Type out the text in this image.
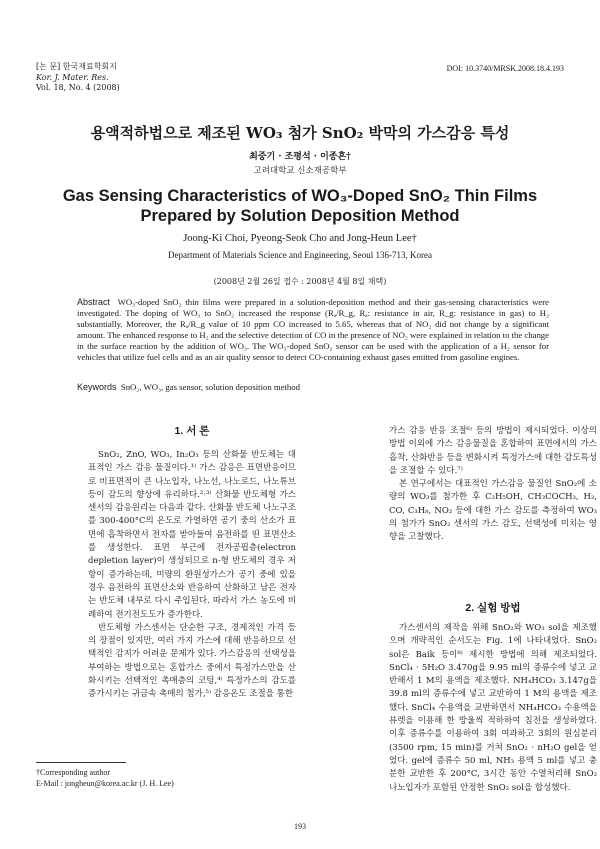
[논 문] 한국재료학회지
Kor. J. Mater. Res.
Vol. 18, No. 4 (2008)
DOI: 10.3740/MRSK.2008.18.4.193
용액적하법으로 제조된 WO₃ 첨가 SnO₂ 박막의 가스감응 특성
최중기 · 조평석 · 이종흔†
고려대학교 신소재공학부
Gas Sensing Characteristics of WO₃-Doped SnO₂ Thin Films Prepared by Solution Deposition Method
Joong-Ki Choi, Pyeong-Seok Cho and Jong-Heun Lee†
Department of Materials Science and Engineering, Seoul 136-713, Korea
(2008년 2월 26일 접수 : 2008년 4월 8일 채택)
Abstract WO₃-doped SnO₂ thin films were prepared in a solution-deposition method and their gas-sensing characteristics were investigated. The doping of WO₃ to SnO₂ increased the response (Rₐ/R_g, Rₐ: resistance in air, R_g: resistance in gas) to H₂ substantially. Moreover, the Rₐ/R_g value of 10 ppm CO increased to 5.65, whereas that of NO₂ did not change by a significant amount. The enhanced response to H₂ and the selective detection of CO in the presence of NO₂ were explained in relation to the change in the surface reaction by the addition of WO₃. The WO₃-doped SnO₂ sensor can be used with the application of a H₂ sensor for vehicles that utilize fuel cells and as an air quality sensor to detect CO-containing exhaust gases emitted from gasoline engines.
Keywords SnO₂, WO₃, gas sensor, solution deposition method
1. 서 론

SnO₂, ZnO, WO₃, In₂O₃ 등의 산화물 반도체는 대표적인 가스 감응 물질이다.¹⁾ 가스 감응은 표면반응이므로 비표면적이 큰 나노입자, 나노선, 나노로드, 나노튜브 등이 감도의 향상에 유리하다.²·³⁾ 산화물 반도체형 가스센서의 감응원리는 다음과 같다. 산화물 반도체 나노구조를 300-400°C의 온도로 가열하면 공기 중의 산소가 표면에 흡착하면서 전자를 받아들여 음전하를 띤 표면산소를 생성한다. 표면 부근에 전자공핍층(electron depletion layer)이 생성되므로 n-형 반도체의 경우 저항이 증가하는데, 미량의 환원성가스가 공기 중에 있을 경우 음전하의 표면산소와 반응하여 산화하고 남은 전자는 반도체 내부로 다시 주입된다. 따라서 가스 농도에 비례하여 전기전도도가 증가한다.

반도체형 가스센서는 단순한 구조, 경제적인 가격 등의 장점이 있지만, 여러 가지 가스에 대해 반응하므로 선택적인 감지가 어려운 문제가 있다. 가스감응의 선택성을 부여하는 방법으로는 혼합가스 중에서 특정가스만을 산화시키는 선택적인 촉매층의 코팅,⁴⁾ 특정가스의 감도를 증가시키는 귀금속 촉매의 첨가,⁵⁾ 감응온도 조절을 통한

가스 감응 반응 조절⁶⁾ 등의 방법이 제시되었다. 이상의 방법 이외에 가스 감응물질을 혼합하여 표면에서의 가스 흡착, 산화반응 등을 변화시켜 특정가스에 대한 감도특성을 조절할 수 있다.⁷⁾

본 연구에서는 대표적인 가스감응 물질인 SnO₂에 소량의 WO₃를 첨가한 후 C₂H₅OH, CH₃COCH₃, H₂, CO, C₃H₈, NO₂ 등에 대한 가스 감도를 측정하여 WO₃의 첨가가 SnO₂ 센서의 가스 감도, 선택성에 미치는 영향을 고찰했다.

2. 실험 방법

가스센서의 제작을 위해 SnO₂와 WO₃ sol을 제조했으며 개략적인 순서도는 Fig. 1에 나타내었다. SnO₂ sol은 Baik 등이⁸⁾ 제시한 방법에 의해 제조되었다. SnCl₄ · 5H₂O 3.470g을 9.95 ml의 증류수에 넣고 교반해서 1 M의 용액을 제조했다. NH₄HCO₃ 3.147g을 39.8 ml의 증류수에 넣고 교반하여 1 M의 용액을 제조했다. SnCl₄ 수용액을 교반하면서 NH₄HCO₃ 수용액을 뷰렛을 이용해 한 방울씩 적하하여 침전을 생성하였다. 이후 증류수를 이용하여 3회 여과하고 3회의 원심분리(3500 rpm, 15 min)를 거쳐 SnO₂ · nH₂O gel을 얻었다. gel에 증류수 50 ml, NH₃ 용액 5 ml를 넣고 충분한 교반한 후 200°C, 3시간 동안 수열처리해 SnO₂ 나노입자가 포함된 안정한 SnO₂ sol을 합성했다.

†Corresponding author
E-Mail : jongheun@korea.ac.kr (J. H. Lee)
193
